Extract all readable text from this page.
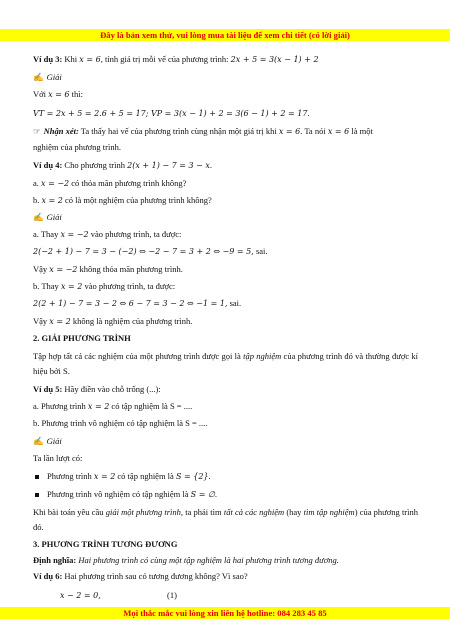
Đây là bản xem thử, vui lòng mua tài liệu để xem chi tiết (có lời giải)
Ví dụ 3: Khi x = 6, tính giá trị mỗi vế của phương trình: 2x + 5 = 3(x − 1) + 2
✍ Giải
Với x = 6 thì:
VT = 2x + 5 = 2.6 + 5 = 17; VP = 3(x − 1) + 2 = 3(6 − 1) + 2 = 17.
☞ Nhận xét: Ta thấy hai vế của phương trình cùng nhận một giá trị khi x = 6. Ta nói x = 6 là một
nghiệm của phương trình.
Ví dụ 4: Cho phương trình 2(x + 1) − 7 = 3 − x.
a. x = −2 có thỏa mãn phương trình không?
b. x = 2 có là một nghiệm của phương trình không?
✍ Giải
a. Thay x = −2 vào phương trình, ta được:
2(−2 + 1) − 7 = 3 − (−2) ⇔ −2 − 7 = 3 + 2 ⇔ −9 = 5, sai.
Vậy x = −2 không thỏa mãn phương trình.
b. Thay x = 2 vào phương trình, ta được:
2(2 + 1) − 7 = 3 − 2 ⇔ 6 − 7 = 3 − 2 ⇔ −1 = 1, sai.
Vậy x = 2 không là nghiệm của phương trình.
2. GIẢI PHƯƠNG TRÌNH
Tập hợp tất cả các nghiệm của một phương trình được gọi là tập nghiệm của phương trình đó và thường được kí hiệu bởi S.
Ví dụ 5: Hãy điền vào chỗ trống (...):
a. Phương trình x = 2 có tập nghiệm là S = ....
b. Phương trình vô nghiệm có tập nghiệm là S = ....
✍ Giải
Ta lần lượt có:
Phương trình x = 2 có tập nghiệm là S = {2}.
Phương trình vô nghiệm có tập nghiệm là S = ∅.
Khi bài toán yêu cầu giải một phương trình, ta phải tìm tất cả các nghiệm (hay tìm tập nghiệm) của phương trình đó.
3. PHƯƠNG TRÌNH TƯƠNG ĐƯƠNG
Định nghĩa: Hai phương trình có cùng một tập nghiệm là hai phương trình tương đương.
Ví dụ 6: Hai phương trình sau có tương đương không? Vì sao?
x − 2 = 0,	(1)
Mọi thắc mắc vui lòng xin liên hệ hotline: 084 283 45 85
